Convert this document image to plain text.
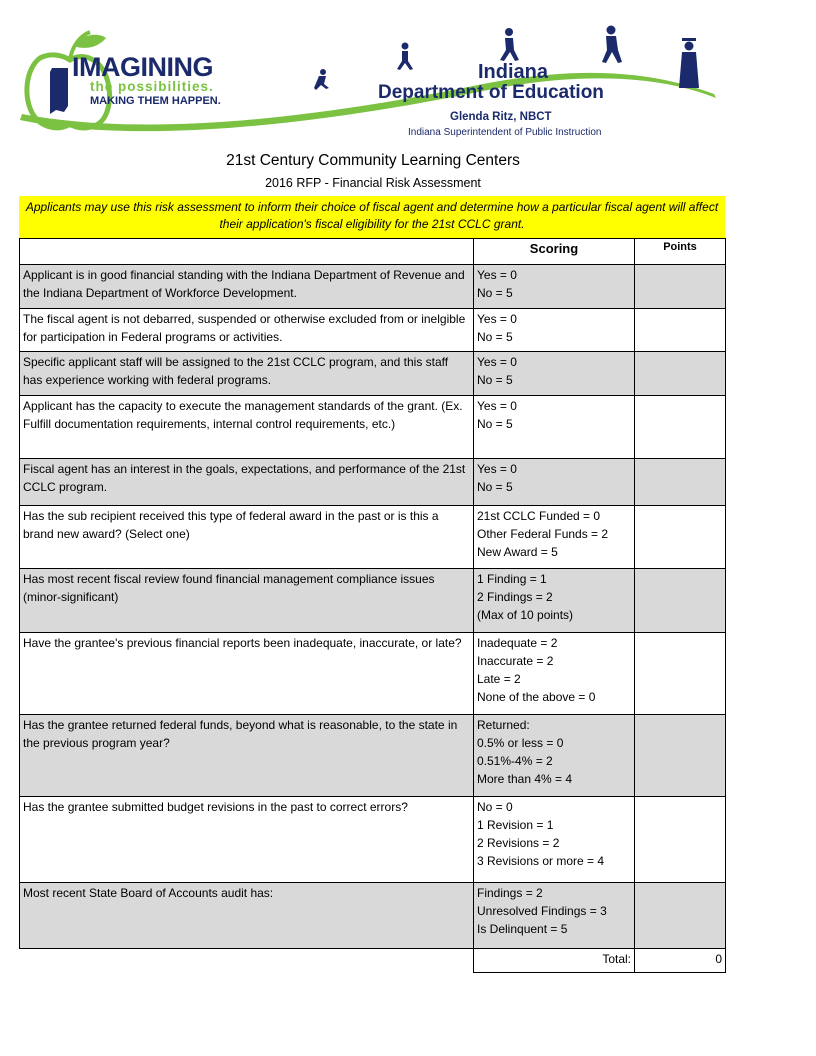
IMAGINING
the possibilities.
MAKING THEM HAPPEN.
Indiana
Department of Education
Glenda Ritz, NBCT
Indiana Superintendent of Public Instruction
21st Century Community Learning Centers
2016 RFP - Financial Risk Assessment
Applicants may use this risk assessment to inform their choice of fiscal agent and determine how a particular fiscal agent will affect their application's fiscal eligibility for the 21st CCLC grant.
	Scoring	Points
Applicant is in good financial standing with the Indiana Department of Revenue and the Indiana Department of Workforce Development.	Yes = 0
No = 5	

The fiscal agent is not debarred, suspended or otherwise excluded from or inelgible for participation in Federal programs or activities.	Yes = 0
No = 5	

Specific applicant staff will be assigned to the 21st CCLC program, and this staff has experience working with federal programs.	Yes = 0
No = 5	

Applicant has the capacity to execute the management standards of the grant. (Ex. Fulfill documentation requirements, internal control requirements, etc.)	Yes = 0
No = 5	

Fiscal agent has an interest in the goals, expectations, and performance of the 21st CCLC program.	Yes = 0
No = 5	

Has the sub recipient received this type of federal award in the past or is this a brand new award? (Select one)	21st CCLC Funded = 0
Other Federal Funds = 2
New Award = 5	

Has most recent fiscal review found financial management compliance issues (minor-significant)	1 Finding = 1
2 Findings = 2
(Max of 10 points)	

Have the grantee's previous financial reports been inadequate, inaccurate, or late?	Inadequate = 2
Inaccurate = 2
Late = 2
None of the above = 0	

Has the grantee returned federal funds, beyond what is reasonable, to the state in the previous program year?	Returned:
0.5% or less = 0
0.51%-4% = 2
More than 4% = 4	

Has the grantee submitted budget revisions in the past to correct errors?	No = 0
1 Revision = 1
2 Revisions = 2
3 Revisions or more = 4	

Most recent State Board of Accounts audit has:	Findings = 2
Unresolved Findings = 3
Is Delinquent = 5	

	Total:	0
